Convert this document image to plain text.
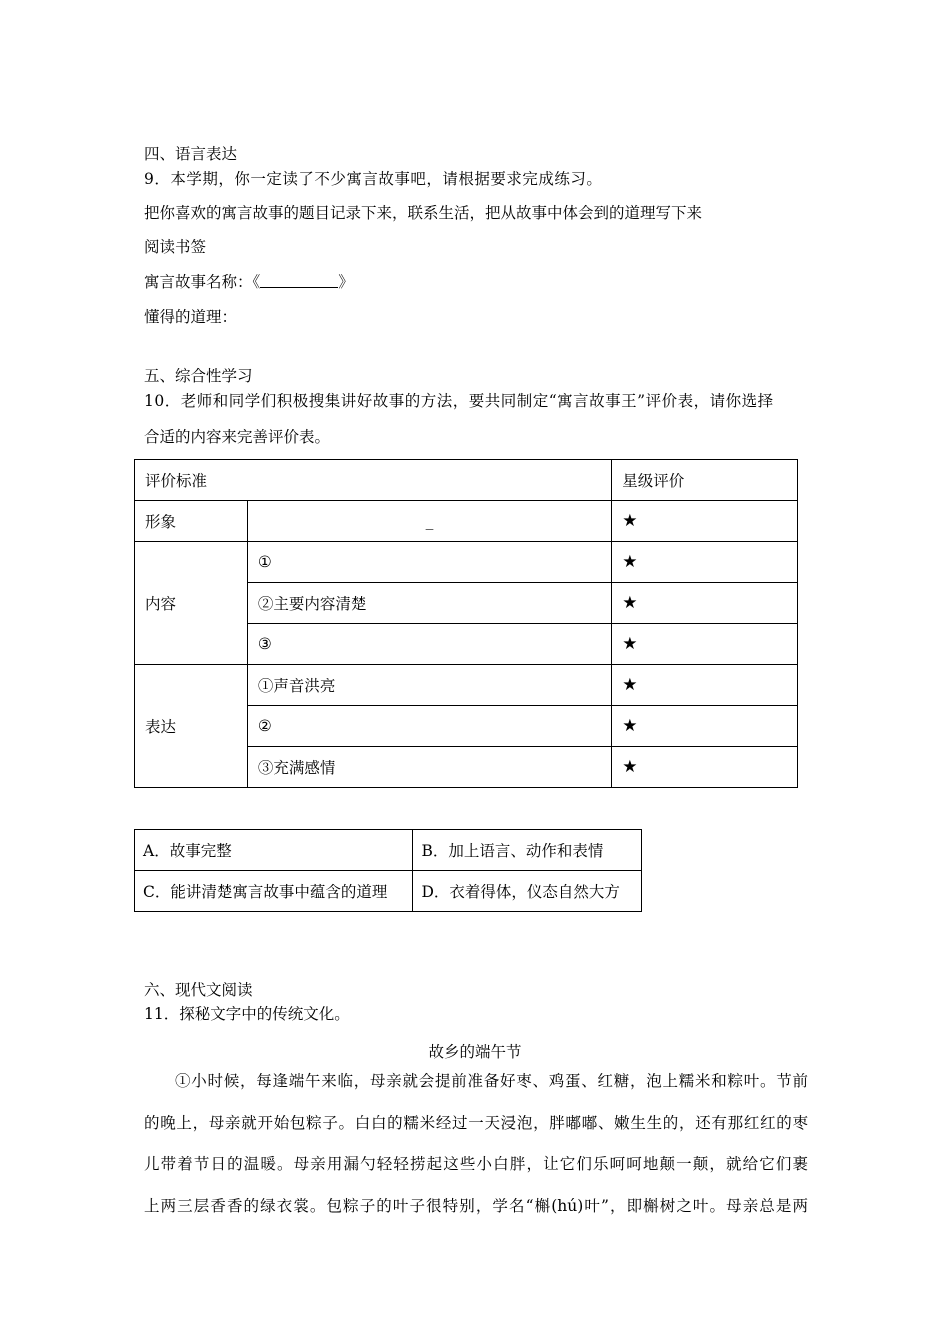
四、语言表达
9．本学期，你一定读了不少寓言故事吧，请根据要求完成练习。
把你喜欢的寓言故事的题目记录下来，联系生活，把从故事中体会到的道理写下来
阅读书签
寓言故事名称：《	》
懂得的道理：
五、综合性学习
10．老师和同学们积极搜集讲好故事的方法，要共同制定“寓言故事王”评价表，请你选择
合适的内容来完善评价表。
评价标准		星级评价
形象	_	★
内容	①	★
	②主要内容清楚	★
	③	★
表达	①声音洪亮	★
	②	★
	③充满感情	★
A．故事完整	B．加上语言、动作和表情
C．能讲清楚寓言故事中蕴含的道理	D．衣着得体，仪态自然大方
六、现代文阅读
11．探秘文字中的传统文化。
故乡的端午节
①小时候，每逢端午来临，母亲就会提前准备好枣、鸡蛋、红糖，泡上糯米和粽叶。节前
的晚上，母亲就开始包粽子。白白的糯米经过一天浸泡，胖嘟嘟、嫩生生的，还有那红红的枣
儿带着节日的温暖。母亲用漏勺轻轻捞起这些小白胖，让它们乐呵呵地颠一颠，就给它们裹
上两三层香香的绿衣裳。包粽子的叶子很特别，学名“槲(hú)叶”，即槲树之叶。母亲总是两
